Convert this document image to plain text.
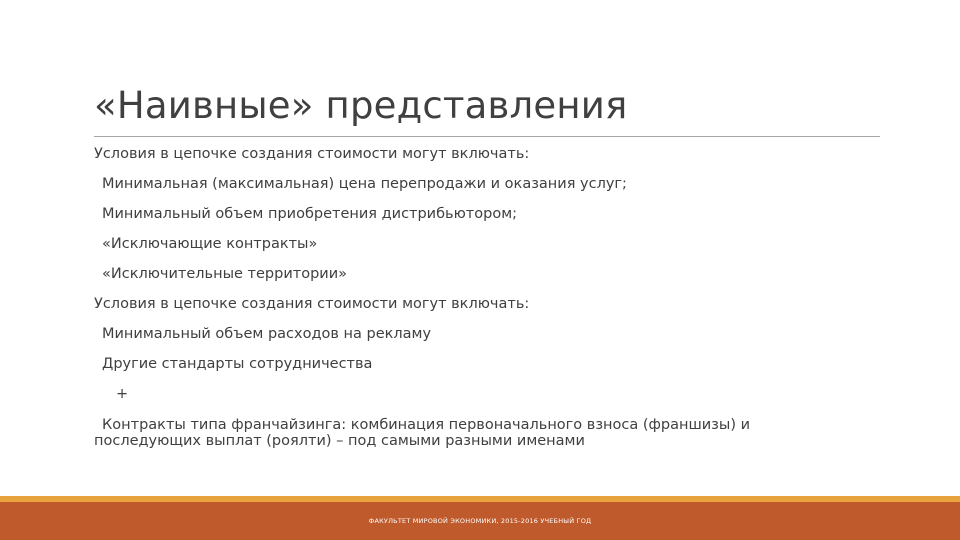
«Наивные» представления
Условия в цепочке создания стоимости могут включать:
Минимальная (максимальная) цена перепродажи и оказания услуг;
Минимальный объем приобретения дистрибьютором;
«Исключающие контракты»
«Исключительные территории»
Условия в цепочке создания стоимости могут включать:
Минимальный объем расходов на рекламу
Другие стандарты сотрудничества
+
Контракты типа франчайзинга: комбинация первоначального взноса (франшизы) и последующих выплат (роялти) – под самыми разными именами
ФАКУЛЬТЕТ МИРОВОЙ ЭКОНОМИКИ, 2015-2016 УЧЕБНЫЙ ГОД
